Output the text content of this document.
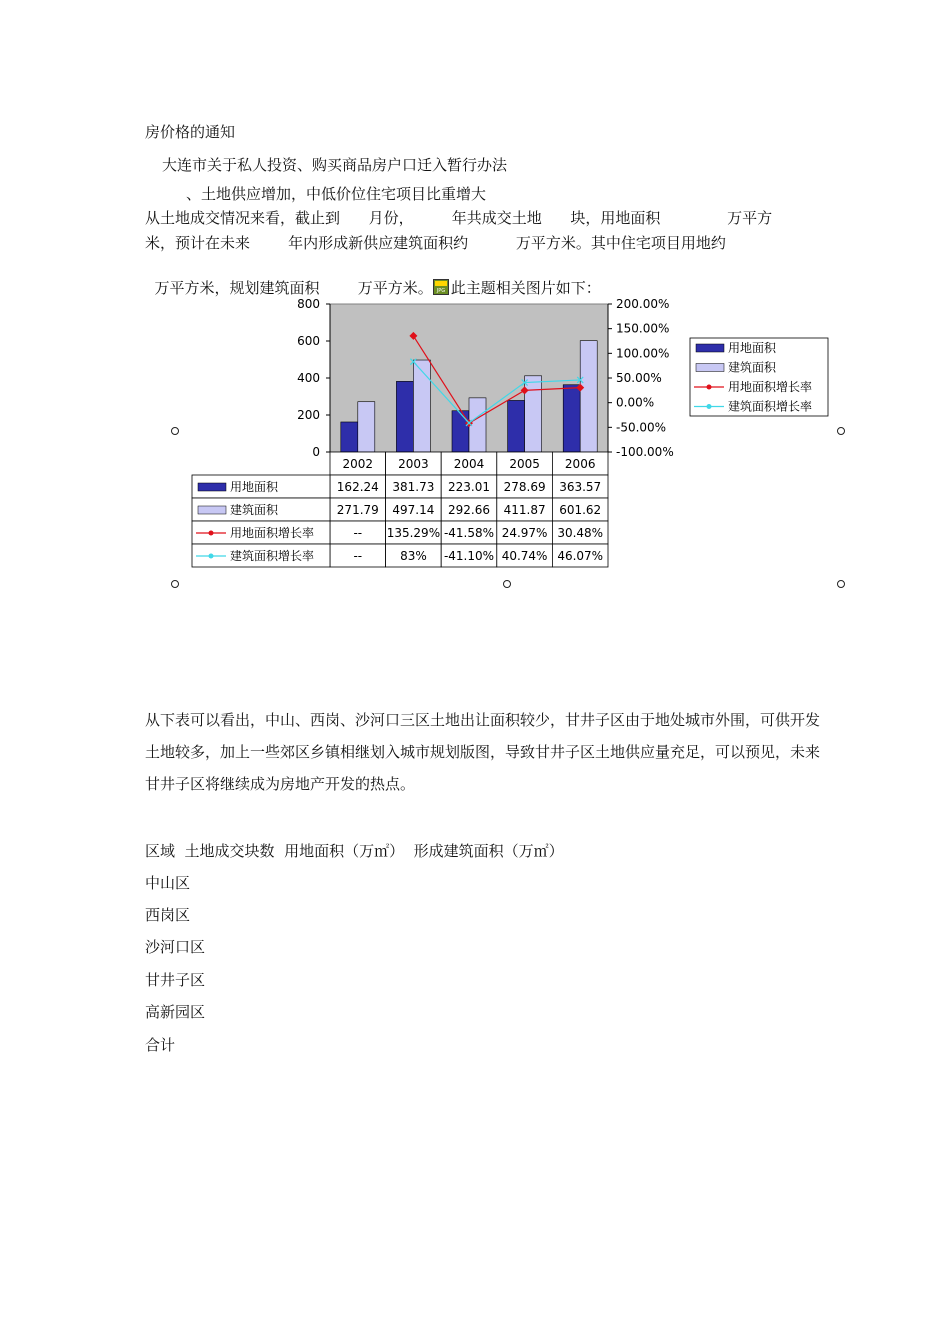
房价格的通知
大连市关于私人投资、购买商品房户口迁入暂行办法
、土地供应增加，中低价位住宅项目比重增大
从土地成交情况来看，截止到      月份，        年共成交土地      块，用地面积              万平方
米，预计在未来        年内形成新供应建筑面积约          万平方米。其中住宅项目用地约

万平方米，规划建筑面积        万平方米。 JPG 此主题相关图片如下：

0
200
400
600
800
-100.00%
-50.00%
0.00%
50.00%
100.00%
150.00%
200.00%
2002 2003 2004 2005 2006
162.24 381.73 223.01 278.69 363.57
用地面积
271.79 497.14 292.66 411.87 601.62
建筑面积
-- 135.29% -41.58% 24.97% 30.48%
用地面积增长率
--	83% -41.10% 40.74% 46.07%
建筑面积增长率
用地面积
建筑面积
用地面积增长率
建筑面积增长率
从下表可以看出，中山、西岗、沙河口三区土地出让面积较少，甘井子区由于地处城市外围，可供开发土地较多，加上一些郊区乡镇相继划入城市规划版图，导致甘井子区土地供应量充足，可以预见，未来甘井子区将继续成为房地产开发的热点。
区域  土地成交块数  用地面积（万㎡）  形成建筑面积（万㎡）
中山区
西岗区
沙河口区
甘井子区
高新园区
合计
